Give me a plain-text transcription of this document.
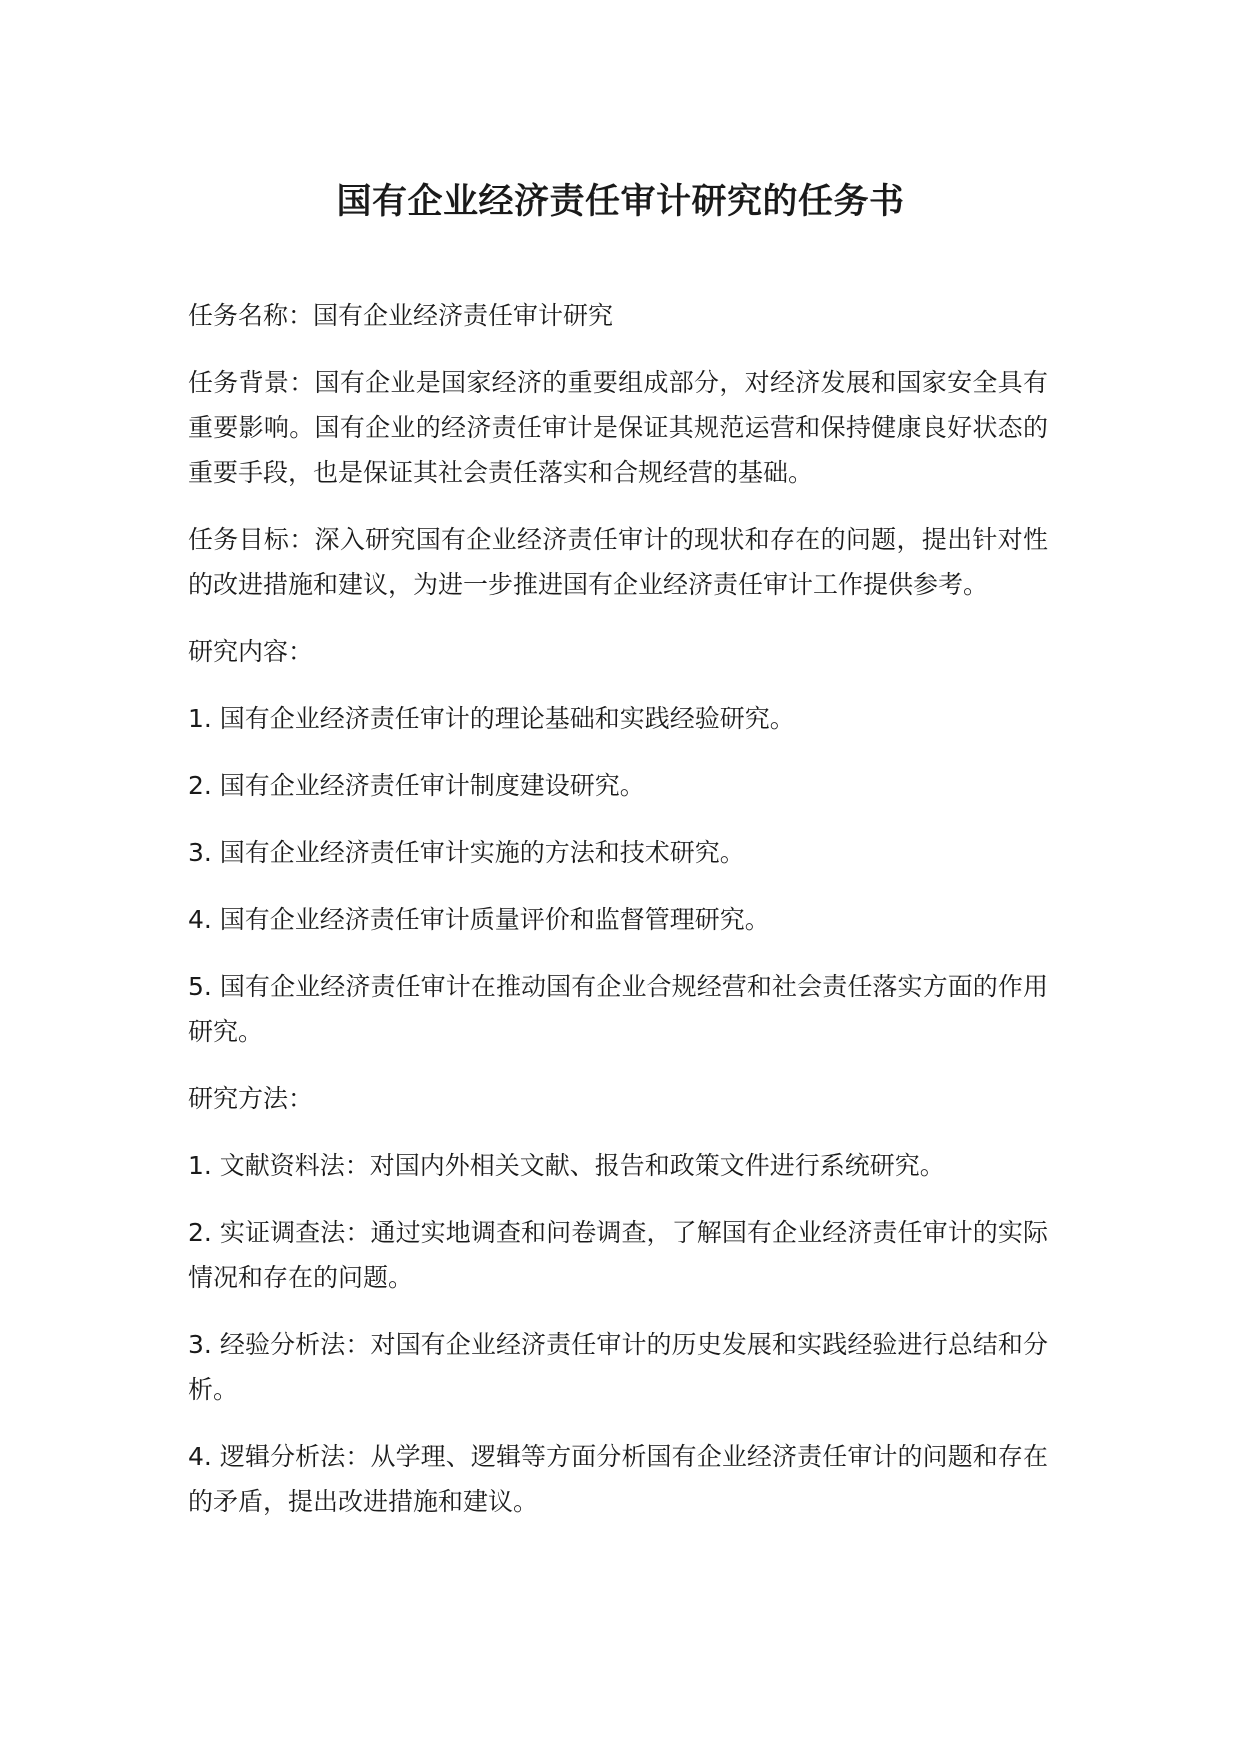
国有企业经济责任审计研究的任务书

任务名称：国有企业经济责任审计研究

任务背景：国有企业是国家经济的重要组成部分，对经济发展和国家安全具有重要影响。国有企业的经济责任审计是保证其规范运营和保持健康良好状态的重要手段，也是保证其社会责任落实和合规经营的基础。

任务目标：深入研究国有企业经济责任审计的现状和存在的问题，提出针对性的改进措施和建议，为进一步推进国有企业经济责任审计工作提供参考。

研究内容：

1. 国有企业经济责任审计的理论基础和实践经验研究。

2. 国有企业经济责任审计制度建设研究。

3. 国有企业经济责任审计实施的方法和技术研究。

4. 国有企业经济责任审计质量评价和监督管理研究。

5. 国有企业经济责任审计在推动国有企业合规经营和社会责任落实方面的作用研究。

研究方法：

1. 文献资料法：对国内外相关文献、报告和政策文件进行系统研究。

2. 实证调查法：通过实地调查和问卷调查，了解国有企业经济责任审计的实际情况和存在的问题。

3. 经验分析法：对国有企业经济责任审计的历史发展和实践经验进行总结和分析。

4. 逻辑分析法：从学理、逻辑等方面分析国有企业经济责任审计的问题和存在的矛盾，提出改进措施和建议。
